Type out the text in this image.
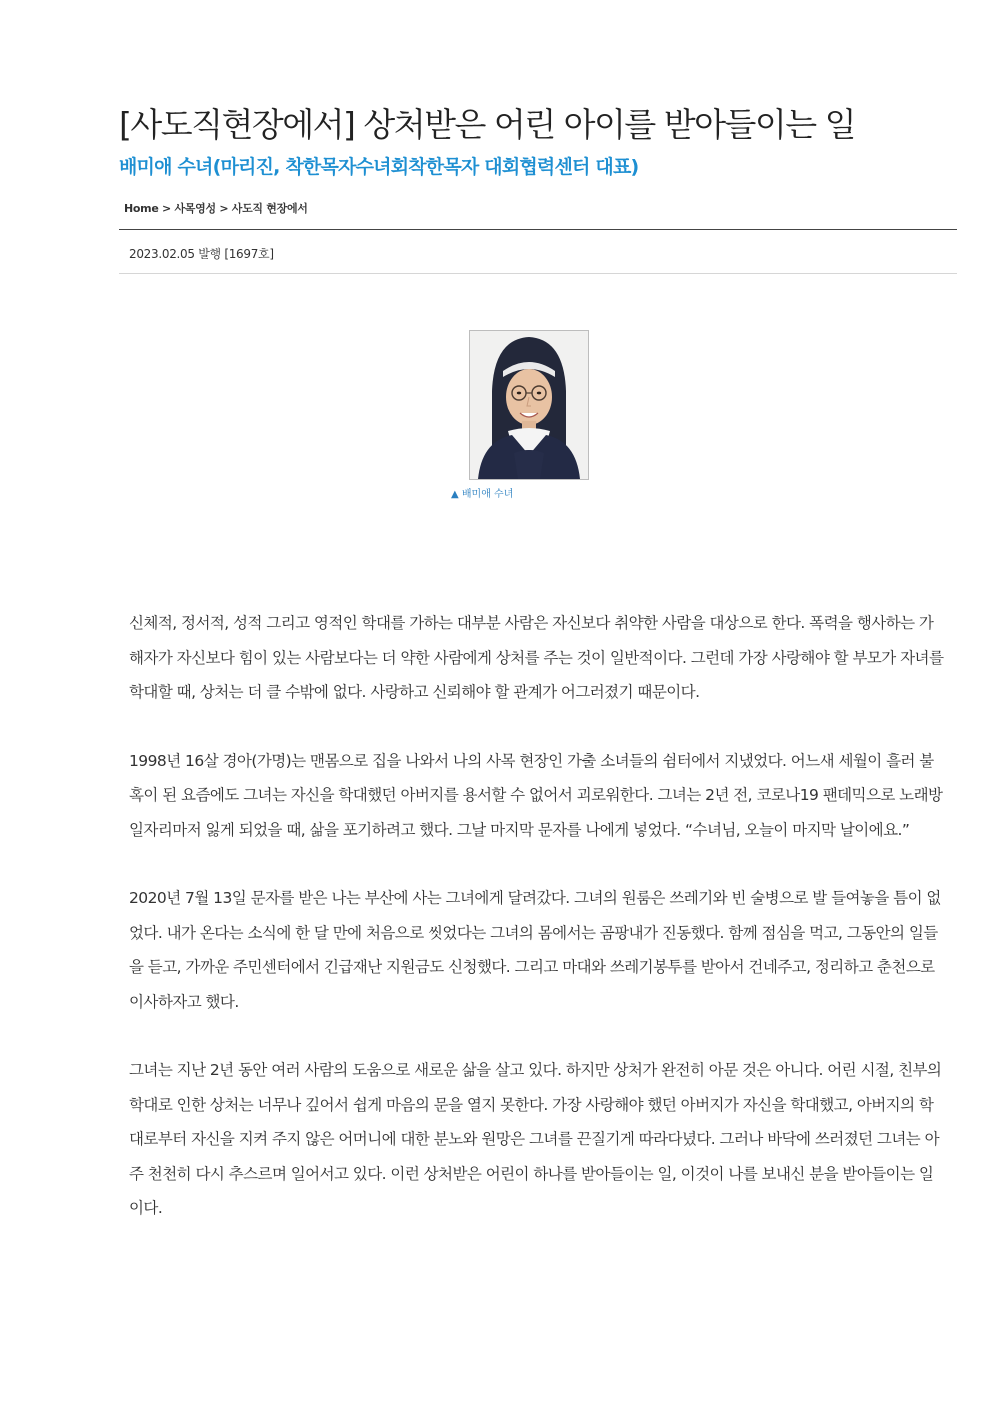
[사도직현장에서] 상처받은 어린 아이를 받아들이는 일
배미애 수녀(마리진, 착한목자수녀회착한목자 대회협력센터 대표)
Home > 사목영성 > 사도직 현장에서
2023.02.05 발행 [1697호]
▲ 배미애 수녀

신체적, 정서적, 성적 그리고 영적인 학대를 가하는 대부분 사람은 자신보다 취약한 사람을 대상으로 한다. 폭력을 행사하는 가해자가 자신보다 힘이 있는 사람보다는 더 약한 사람에게 상처를 주는 것이 일반적이다. 그런데 가장 사랑해야 할 부모가 자녀를 학대할 때, 상처는 더 클 수밖에 없다. 사랑하고 신뢰해야 할 관계가 어그러졌기 때문이다.

1998년 16살 경아(가명)는 맨몸으로 집을 나와서 나의 사목 현장인 가출 소녀들의 쉼터에서 지냈었다. 어느새 세월이 흘러 불혹이 된 요즘에도 그녀는 자신을 학대했던 아버지를 용서할 수 없어서 괴로워한다. 그녀는 2년 전, 코로나19 팬데믹으로 노래방 일자리마저 잃게 되었을 때, 삶을 포기하려고 했다. 그날 마지막 문자를 나에게 넣었다. “수녀님, 오늘이 마지막 날이에요.”

2020년 7월 13일 문자를 받은 나는 부산에 사는 그녀에게 달려갔다. 그녀의 원룸은 쓰레기와 빈 술병으로 발 들여놓을 틈이 없었다. 내가 온다는 소식에 한 달 만에 처음으로 씻었다는 그녀의 몸에서는 곰팡내가 진동했다. 함께 점심을 먹고, 그동안의 일들을 듣고, 가까운 주민센터에서 긴급재난 지원금도 신청했다. 그리고 마대와 쓰레기봉투를 받아서 건네주고, 정리하고 춘천으로 이사하자고 했다.

그녀는 지난 2년 동안 여러 사람의 도움으로 새로운 삶을 살고 있다. 하지만 상처가 완전히 아문 것은 아니다. 어린 시절, 친부의 학대로 인한 상처는 너무나 깊어서 쉽게 마음의 문을 열지 못한다. 가장 사랑해야 했던 아버지가 자신을 학대했고, 아버지의 학대로부터 자신을 지켜 주지 않은 어머니에 대한 분노와 원망은 그녀를 끈질기게 따라다녔다. 그러나 바닥에 쓰러졌던 그녀는 아주 천천히 다시 추스르며 일어서고 있다. 이런 상처받은 어린이 하나를 받아들이는 일, 이것이 나를 보내신 분을 받아들이는 일이다.
